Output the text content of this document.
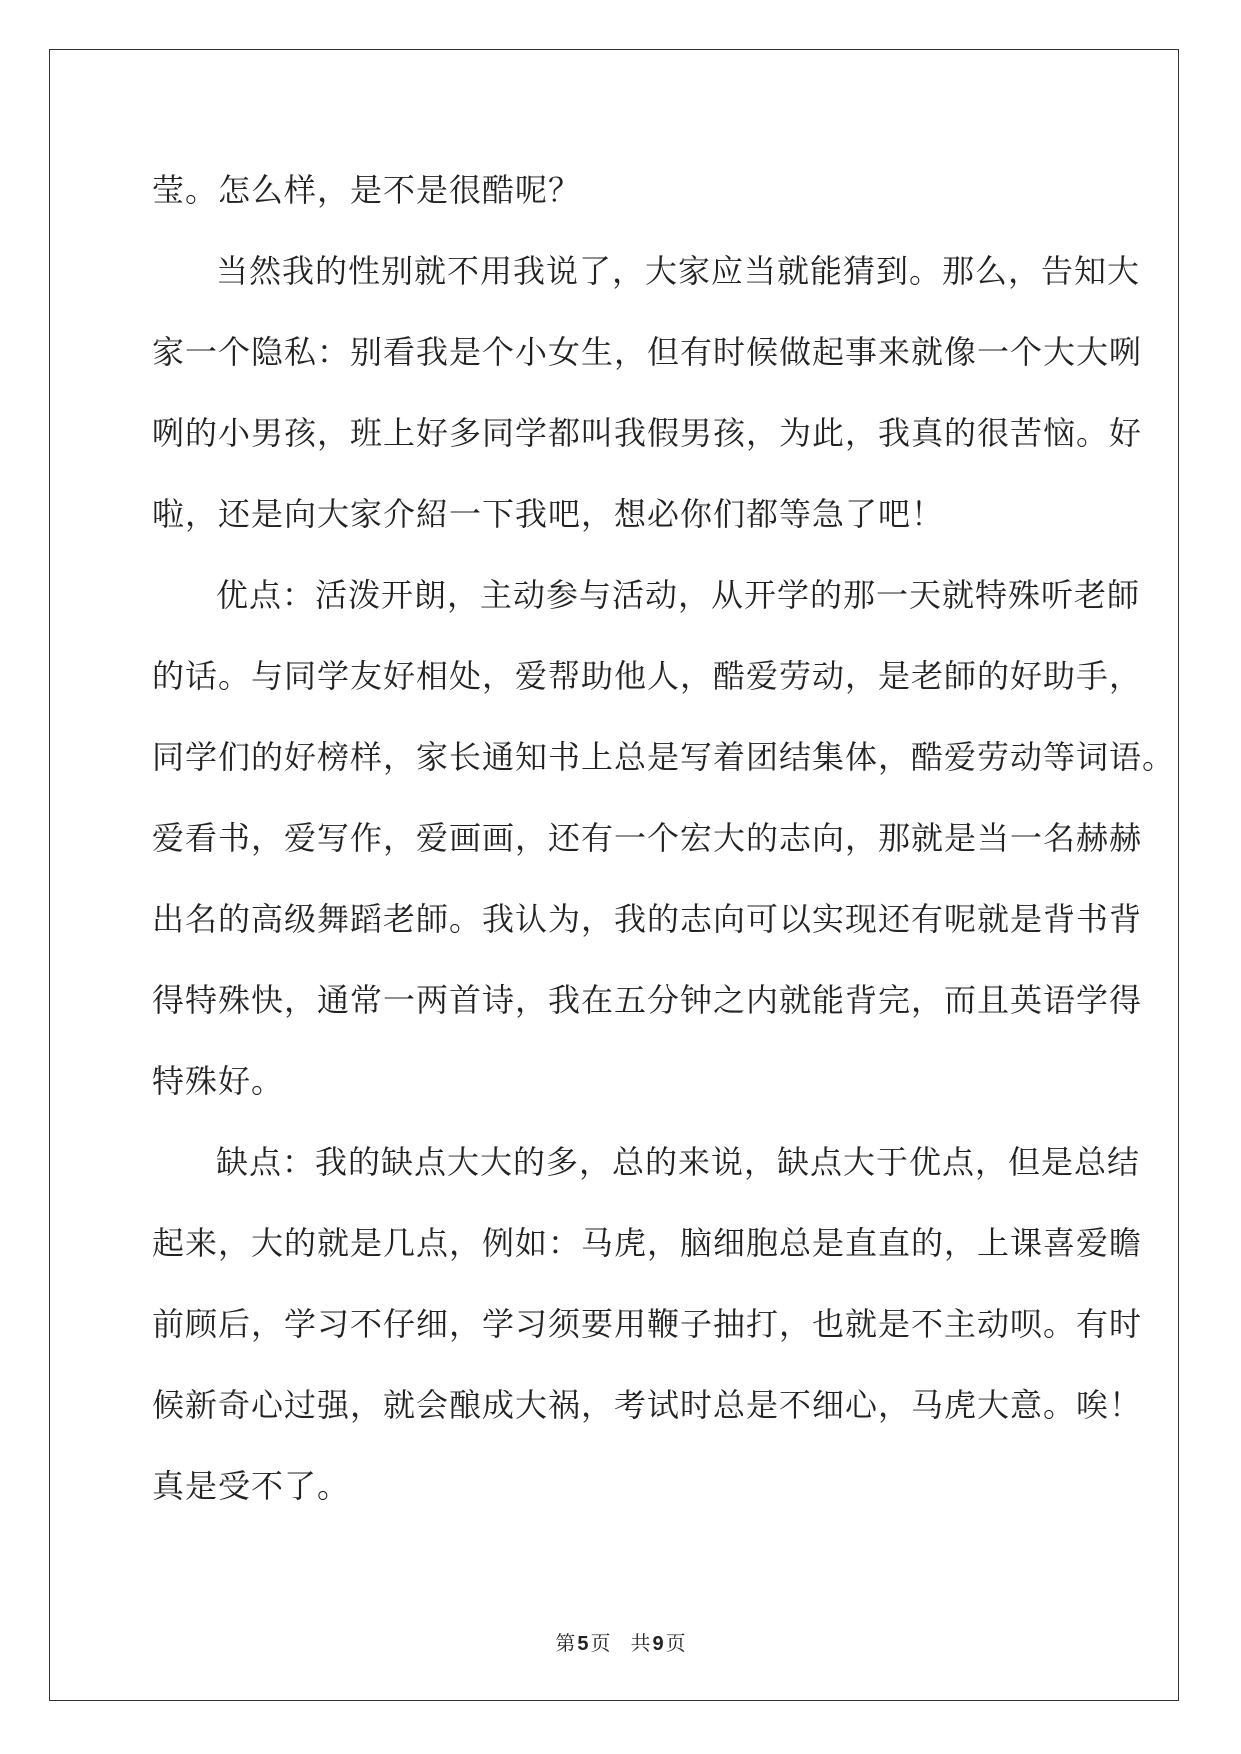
莹。怎么样，是不是很酷呢？
当然我的性别就不用我说了，大家应当就能猜到。那么，告知大
家一个隐私：别看我是个小女生，但有时候做起事来就像一个大大咧
咧的小男孩，班上好多同学都叫我假男孩，为此，我真的很苦恼。好
啦，还是向大家介紹一下我吧，想必你们都等急了吧！
优点：活泼开朗，主动参与活动，从开学的那一天就特殊听老師
的话。与同学友好相处，爱帮助他人，酷爱劳动，是老師的好助手，
同学们的好榜样，家长通知书上总是写着团结集体，酷爱劳动等词语。
爱看书，爱写作，爱画画，还有一个宏大的志向，那就是当一名赫赫
出名的高级舞蹈老師。我认为，我的志向可以实现还有呢就是背书背
得特殊快，通常一两首诗，我在五分钟之内就能背完，而且英语学得
特殊好。
缺点：我的缺点大大的多，总的来说，缺点大于优点，但是总结
起来，大的就是几点，例如：马虎，脑细胞总是直直的，上课喜爱瞻
前顾后，学习不仔细，学习须要用鞭子抽打，也就是不主动呗。有时
候新奇心过强，就会酿成大祸，考试时总是不细心，马虎大意。唉！
真是受不了。
第 5 页 共 9 页
